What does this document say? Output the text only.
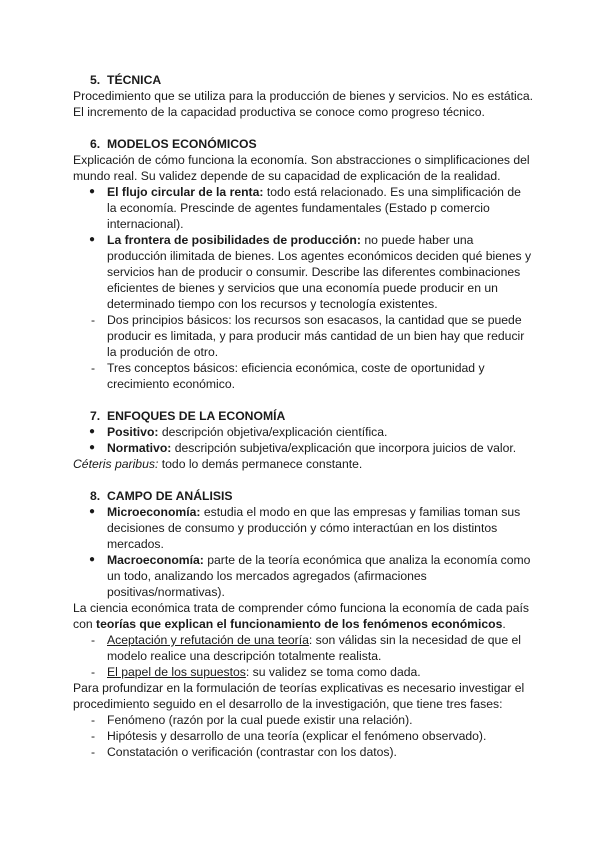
5. TÉCNICA

Procedimiento que se utiliza para la producción de bienes y servicios. No es estática. El incremento de la capacidad productiva se conoce como progreso técnico.

6. MODELOS ECONÓMICOS

Explicación de cómo funciona la economía. Son abstracciones o simplificaciones del mundo real. Su validez depende de su capacidad de explicación de la realidad.

● El flujo circular de la renta: todo está relacionado. Es una simplificación de la economía. Prescinde de agentes fundamentales (Estado p comercio internacional).
● La frontera de posibilidades de producción: no puede haber una producción ilimitada de bienes. Los agentes económicos deciden qué bienes y servicios han de producir o consumir. Describe las diferentes combinaciones eficientes de bienes y servicios que una economía puede producir en un determinado tiempo con los recursos y tecnología existentes.
- Dos principios básicos: los recursos son esacasos, la cantidad que se puede producir es limitada, y para producir más cantidad de un bien hay que reducir la produción de otro.
- Tres conceptos básicos: eficiencia económica, coste de oportunidad y crecimiento económico.
7. ENFOQUES DE LA ECONOMÍA
● Positivo: descripción objetiva/explicación científica.
● Normativo: descripción subjetiva/explicación que incorpora juicios de valor.

Céteris paribus: todo lo demás permanece constante.

8. CAMPO DE ANÁLISIS
● Microeconomía: estudia el modo en que las empresas y familias toman sus decisiones de consumo y producción y cómo interactúan en los distintos mercados.
● Macroeconomía: parte de la teoría económica que analiza la economía como un todo, analizando los mercados agregados (afirmaciones positivas/normativas).

La ciencia económica trata de comprender cómo funciona la economía de cada país con teorías que explican el funcionamiento de los fenómenos económicos.

- Aceptación y refutación de una teoría: son válidas sin la necesidad de que el modelo realice una descripción totalmente realista.
- El papel de los supuestos: su validez se toma como dada.

Para profundizar en la formulación de teorías explicativas es necesario investigar el procedimiento seguido en el desarrollo de la investigación, que tiene tres fases:

- Fenómeno (razón por la cual puede existir una relación).
- Hipótesis y desarrollo de una teoría (explicar el fenómeno observado).
- Constatación o verificación (contrastar con los datos).
